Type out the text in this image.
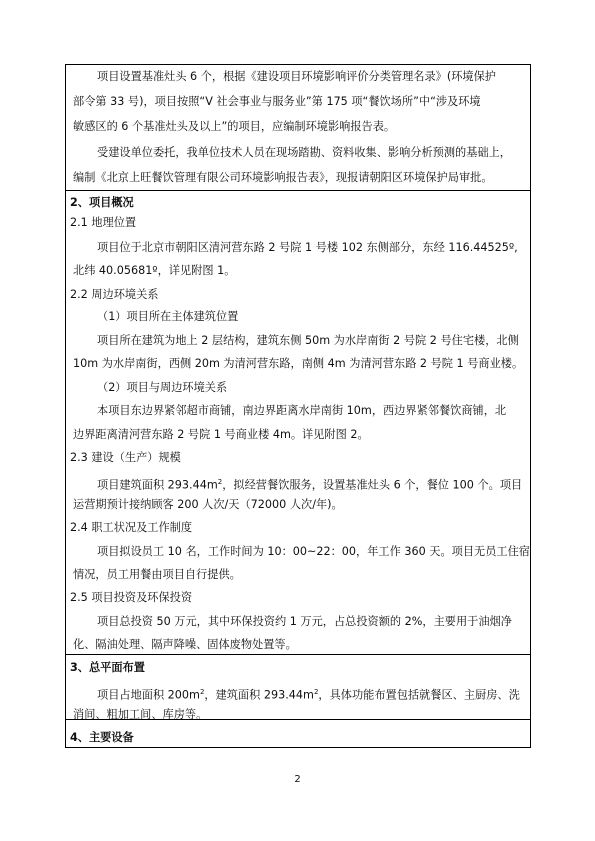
项目设置基准灶头 6 个，根据《建设项目环境影响评价分类管理名录》(环境保护
部令第 33 号)，项目按照“V 社会事业与服务业”第 175 项“餐饮场所”中“涉及环境
敏感区的 6 个基准灶头及以上”的项目，应编制环境影响报告表。
受建设单位委托，我单位技术人员在现场踏勘、资料收集、影响分析预测的基础上，
编制《北京上旺餐饮管理有限公司环境影响报告表》，现报请朝阳区环境保护局审批。
2、项目概况
2.1 地理位置
项目位于北京市朝阳区清河营东路 2 号院 1 号楼 102 东侧部分，东经 116.44525º,
北纬 40.05681º，详见附图 1。
2.2 周边环境关系
（1）项目所在主体建筑位置
项目所在建筑为地上 2 层结构，建筑东侧 50m 为水岸南街 2 号院 2 号住宅楼，北侧
10m 为水岸南街，西侧 20m 为清河营东路，南侧 4m 为清河营东路 2 号院 1 号商业楼。
（2）项目与周边环境关系
本项目东边界紧邻超市商铺，南边界距离水岸南街 10m，西边界紧邻餐饮商铺，北
边界距离清河营东路 2 号院 1 号商业楼 4m。详见附图 2。
2.3 建设（生产）规模
项目建筑面积 $293.44m^2$，拟经营餐饮服务，设置基准灶头 6 个，餐位 100 个。项目
运营期预计接纳顾客 200 人次/天（72000 人次/年)。
2.4 职工状况及工作制度
项目拟设员工 10 名，工作时间为 10：00~22：00，年工作 360 天。项目无员工住宿
情况，员工用餐由项目自行提供。
2.5 项目投资及环保投资
项目总投资 50 万元，其中环保投资约 1 万元，占总投资额的 2%，主要用于油烟净
化、隔油处理、隔声降噪、固体废物处置等。
3、总平面布置
项目占地面积 $200m^2$，建筑面积 $293.44m^2$，具体功能布置包括就餐区、主厨房、洗
消间、粗加工间、库房等。
4、主要设备
2
